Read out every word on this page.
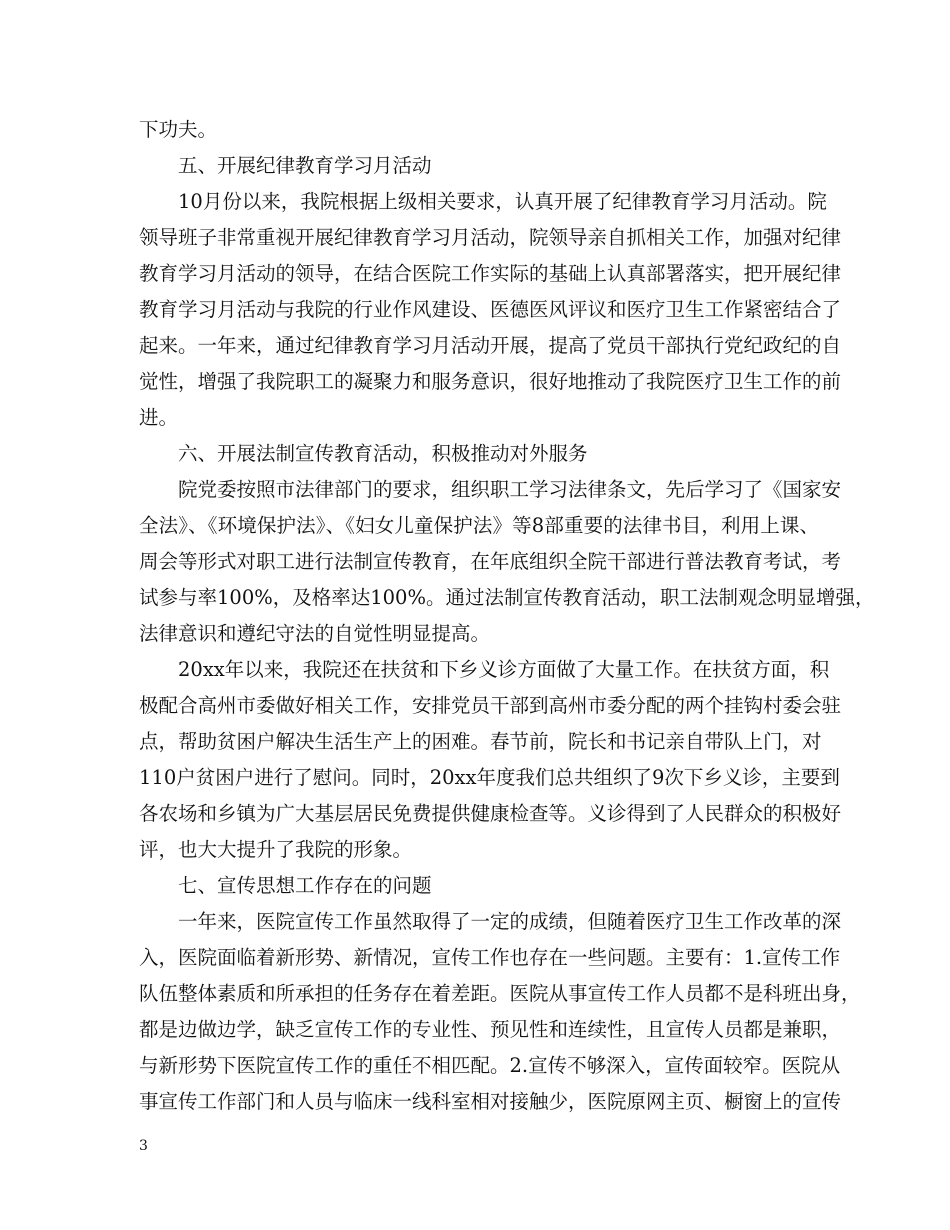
下功夫。
五、开展纪律教育学习月活动
10月份以来，我院根据上级相关要求，认真开展了纪律教育学习月活动。院
领导班子非常重视开展纪律教育学习月活动，院领导亲自抓相关工作，加强对纪律
教育学习月活动的领导，在结合医院工作实际的基础上认真部署落实，把开展纪律
教育学习月活动与我院的行业作风建设、医德医风评议和医疗卫生工作紧密结合了
起来。一年来，通过纪律教育学习月活动开展，提高了党员干部执行党纪政纪的自
觉性，增强了我院职工的凝聚力和服务意识，很好地推动了我院医疗卫生工作的前
进。
六、开展法制宣传教育活动，积极推动对外服务
院党委按照市法律部门的要求，组织职工学习法律条文，先后学习了《国家安
全法》、《环境保护法》、《妇女儿童保护法》等8部重要的法律书目，利用上课、
周会等形式对职工进行法制宣传教育，在年底组织全院干部进行普法教育考试，考
试参与率100%，及格率达100%。通过法制宣传教育活动，职工法制观念明显增强，
法律意识和遵纪守法的自觉性明显提高。
20xx年以来，我院还在扶贫和下乡义诊方面做了大量工作。在扶贫方面，积
极配合高州市委做好相关工作，安排党员干部到高州市委分配的两个挂钩村委会驻
点，帮助贫困户解决生活生产上的困难。春节前，院长和书记亲自带队上门，对
110户贫困户进行了慰问。同时，20xx年度我们总共组织了9次下乡义诊，主要到
各农场和乡镇为广大基层居民免费提供健康检查等。义诊得到了人民群众的积极好
评，也大大提升了我院的形象。
七、宣传思想工作存在的问题
一年来，医院宣传工作虽然取得了一定的成绩，但随着医疗卫生工作改革的深
入，医院面临着新形势、新情况，宣传工作也存在一些问题。主要有：1.宣传工作
队伍整体素质和所承担的任务存在着差距。医院从事宣传工作人员都不是科班出身，
都是边做边学，缺乏宣传工作的专业性、预见性和连续性，且宣传人员都是兼职，
与新形势下医院宣传工作的重任不相匹配。2.宣传不够深入，宣传面较窄。医院从
事宣传工作部门和人员与临床一线科室相对接触少，医院原网主页、橱窗上的宣传
3
